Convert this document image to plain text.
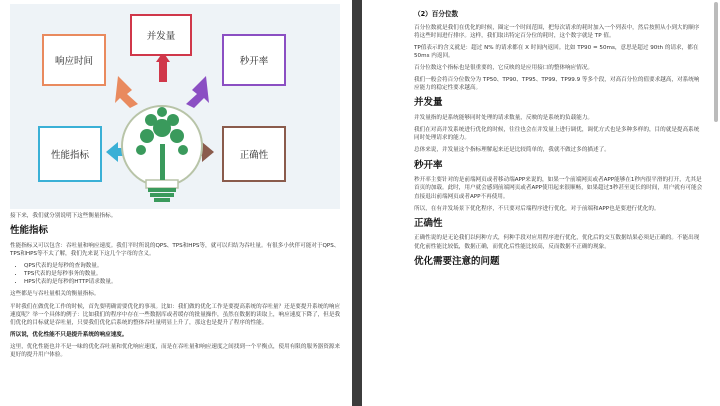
响应时间
并发量
秒开率
性能指标	正确性

接下来，我们就分别说明下这些衡量指标。

性能指标

性能指标又可以包含：吞吐量和响应速度。我们平时所说的QPS、TPS和HPS等，就可以归结为吞吐量。有很多小伙伴可能对于QPS、TPS和HPS等不太了解，我们先来说下这几个字母的含义。

• QPS代表的是每秒的查询数量。
• TPS代表的是每秒事务的数量。
• HPS代表的是每秒的HTTP请求数量。

这些都是与吞吐量相关的衡量指标。

平时我们在做优化工作的时候，首先要明确需要优化的事项。比如：我们做的优化工作是要提高系统的吞吐量？还是要提升系统的响应速度呢？举一个具体的例子：比如我们的程序中存在一些数据库或者缓存的批量操作，虽然在数据的读取上，响应速度下降了，但是我们优化的目标就是吞吐量，只要我们优化后系统的整体吞吐量明显上升了，那这也是提升了程序的性能。

所以说，优化性能不只是提升系统的响应速度。

这里，优化性能也并不是一味的优化吞吐量和优化响应速度，而是在吞吐量和响应速度之间找到一个平衡点，使用有限的服务器资源来更好的提升用户体验。

（2）百分位数

百分位数就是我们在优化的时候，圈定一个时间范围，把每次请求的耗时加入一个列表中，然后按照从小到大的顺序将这些时间进行排序。这样，我们取出特定百分位的耗时，这个数字就是 TP 值。

TP值表示的含义就是：超过 N% 的请求都在 X 时间内返回。比如 TP90 = 50ms，意思是超过 90th 的请求，都在 50ms 内返回。

百分位数这个指标也是很重要的，它反映的是应用接口的整体响应情况。

我们一般会将百分位数分为 TP50、TP90、TP95、TP99、TP99.9 等多个段，对高百分位的值要求越高，对系统响应能力的稳定性要求越高。

并发量

并发量指的是系统能够同时处理的请求数量，反映的是系统的负载能力。

我们在对高并发系统进行优化的时候，往往也会在并发量上进行调优，调优方式也是多种多样的，目的就是提高系统同时处理请求的能力。

总体来说，并发量这个指标理解起来还是比较简单的，我就不做过多的描述了。

秒开率

秒开率主要针对的是前端网页或者移动端APP来说的，如果一个前端网页或者APP能够在1秒内很平滑的打开，尤其是首页的加载。此时，用户就会感到前端网页或者APP使用起来很顺畅，如果超过3秒甚至更长的时间，用户就有可能会直接退出前端网页或者APP不再使用。

所以，在有并发场景下优化程序，不只要对后端程序进行优化，对于前端和APP也是要进行优化的。

正确性

正确性说的是无论我们以何种方式，何种手段对应用程序进行优化，优化后的交互数据结果必须是正确的。不能出现优化前性能比较低，数据正确，而优化后性能比较高，反而数据不正确的现象。

优化需要注意的问题
